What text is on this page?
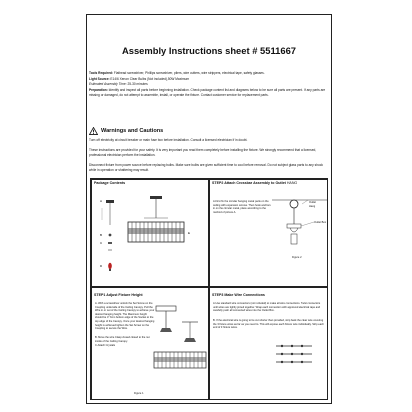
Assembly Instructions sheet # 5511667

Tools Required: Flathead screwdriver, Phillips screwdriver, pliers, wire cutters, wire strippers, electrical tape, safety glasses.

Light Source: E14/6 Xenon Clear Bulbs (Not included),50W Maximum

Estimated Assembly Time: 25-30 minutes

Preparation: Identify and inspect all parts before beginning installation. Check package content list and diagrams below to be sure all parts are present. If any parts are missing or damaged, do not attempt to assemble, install, or operate the fixture. Contact customer service for replacement parts.

Warnings and Cautions

Turn off electricity at circuit breaker or main fuse box before installation. Consult a licensed electrician if in doubt.

These instructions are provided for your safety. It is very important you read them completely before installing the fixture. We strongly recommend that a licensed, professional electrician perform the installation.

Disconnect fixture from power source before replacing bulbs. Make sure bulbs are given sufficient time to cool before removal. Do not subject glass parts to any shock while in operation or shattering may result.

Package Contents
A
B
C
D
E
STEP2 Attach Crossbar Assembly to Outlet HANG
A.First fix the circular hanging metal parts on the ceiling with expansion screws. Then hook anchors in on the circular metal, place according to the method of picture A.
Outlet
Hang
Outlet Box
Figure 2
STEP1 Adjust Fixture Height
A. With a screwdriver unlock the Set Screw on the Coupling underside of the Ceiling Canopy. Pull the Wire in or out of the Ceiling Canopy to achieve your desired hanging height. The Maximum height should be 4" from bottom edge of the Socket to the top edge of the Canopy. Once your desired hanging height is achieved tighten the Set Screw on the Coupling to secure the Wire.
B. Move the wire Clasp closed closed to the nut inside of the Ceiling Canopy.
C.Attach Crystals
Figure 1
STEP3 Make Wire Connections
A.Use standard wire connectors (not included) to make all wire connections. Twist connectors until wires are tightly joined together. Wrap each connection with approved electrical tape and carefully push all connected wires into the Outlet Box.
B. If the electrical wire is going to be cut shorter than provided, strip back the clear wire covering the 3 fixture wires as far as you need to. This will expose each fixture wire individually. Strip each end of 3 fixture wires.
